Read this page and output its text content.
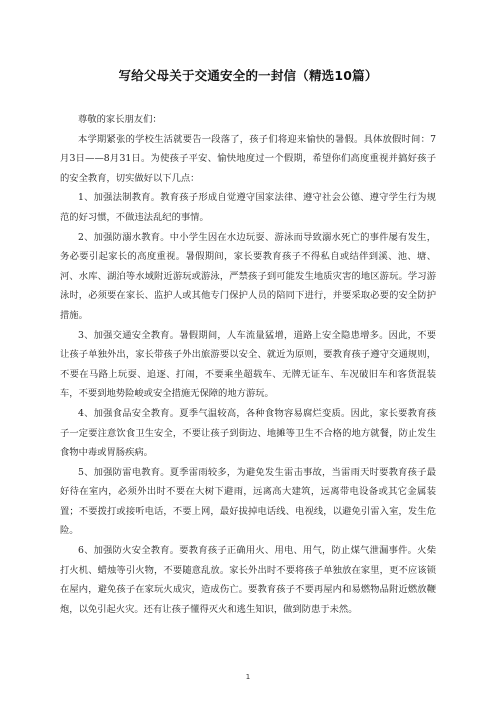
写给父母关于交通安全的一封信（精选10篇）

尊敬的家长朋友们：

本学期紧张的学校生活就要告一段落了，孩子们将迎来愉快的暑假。具体放假时间：7月3日——8月31日。为使孩子平安、愉快地度过一个假期，希望你们高度重视并搞好孩子的安全教育，切实做好以下几点：

1、加强法制教育。教育孩子形成自觉遵守国家法律、遵守社会公德、遵守学生行为规范的好习惯，不做违法乱纪的事情。

2、加强防溺水教育。中小学生因在水边玩耍、游泳而导致溺水死亡的事件屡有发生，务必要引起家长的高度重视。暑假期间，家长要教育孩子不得私自或结伴到溪、池、塘、河、水库、湖泊等水域附近游玩或游泳，严禁孩子到可能发生地质灾害的地区游玩。学习游泳时，必须要在家长、监护人或其他专门保护人员的陪同下进行，并要采取必要的安全防护措施。

3、加强交通安全教育。暑假期间，人车流量猛增，道路上安全隐患增多。因此，不要让孩子单独外出，家长带孩子外出旅游要以安全、就近为原则，要教育孩子遵守交通规则，不要在马路上玩耍、追逐、打闹，不要乘坐超载车、无牌无证车、车况破旧车和客货混装车，不要到地势险峻或安全措施无保障的地方游玩。

4、加强食品安全教育。夏季气温较高，各种食物容易腐烂变质。因此，家长要教育孩子一定要注意饮食卫生安全，不要让孩子到街边、地摊等卫生不合格的地方就餐，防止发生食物中毒或胃肠疾病。

5、加强防雷电教育。夏季雷雨较多，为避免发生雷击事故，当雷雨天时要教育孩子最好待在室内，必须外出时不要在大树下避雨，远离高大建筑，远离带电设备或其它金属装置；不要拨打或接听电话，不要上网，最好拔掉电话线、电视线，以避免引雷入室，发生危险。

6、加强防火安全教育。要教育孩子正确用火、用电、用气，防止煤气泄漏事件。火柴打火机、蜡烛等引火物，不要随意乱放。家长外出时不要将孩子单独放在家里，更不应该锁在屋内，避免孩子在家玩火成灾，造成伤亡。要教育孩子不要再屋内和易燃物品附近燃放鞭炮，以免引起火灾。还有让孩子懂得灭火和逃生知识，做到防患于未然。

1
